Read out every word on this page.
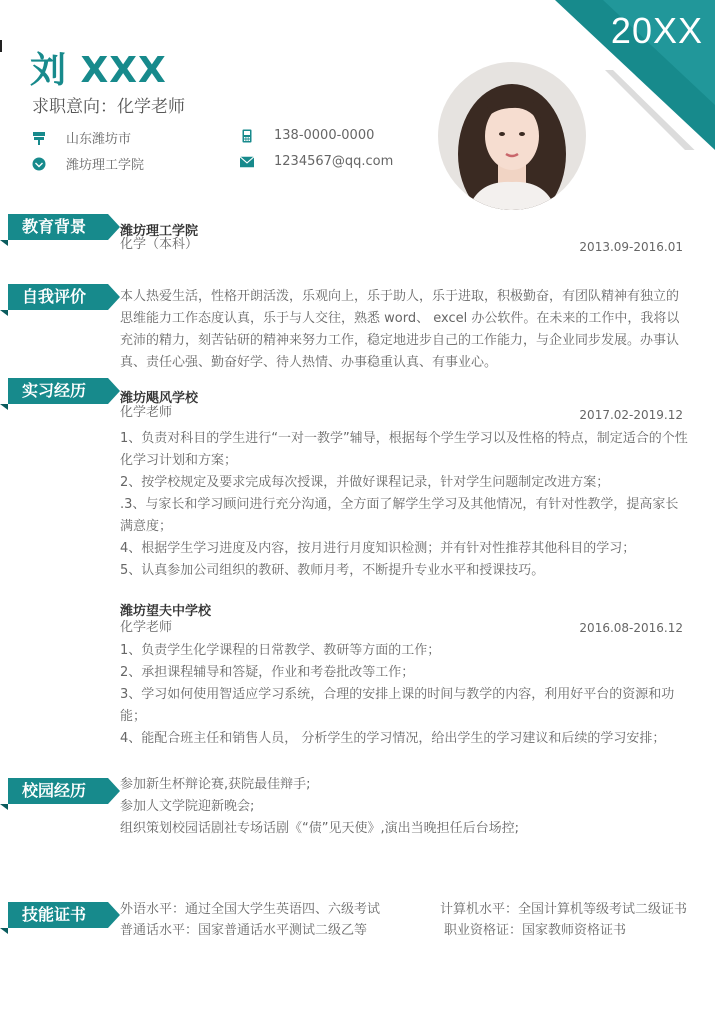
20XX
刘 XXX
求职意向：化学老师
山东潍坊市
潍坊理工学院
138-0000-0000
1234567@qq.com
教育背景	潍坊理工学院
化学（本科）	2013.09-2016.01
自我评价	本人热爱生活，性格开朗活泼，乐观向上，乐于助人，乐于进取，积极勤奋，有团队精神有独立的思维能力工作态度认真，乐于与人交往，熟悉 word、 excel 办公软件。在未来的工作中，我将以充沛的精力，刻苦钻研的精神来努力工作，稳定地进步自己的工作能力，与企业同步发展。办事认真、责任心强、勤奋好学、待人热情、办事稳重认真、有事业心。
实习经历	潍坊飓风学校
化学老师	2017.02-2019.12
1、负责对科目的学生进行“一对一教学”辅导，根据每个学生学习以及性格的特点，制定适合的个性化学习计划和方案；
2、按学校规定及要求完成每次授课，并做好课程记录，针对学生问题制定改进方案；
.3、与家长和学习顾问进行充分沟通，全方面了解学生学习及其他情况，有针对性教学，提高家长满意度；
4、根据学生学习进度及内容，按月进行月度知识检测；并有针对性推荐其他科目的学习；
5、认真参加公司组织的教研、教师月考，不断提升专业水平和授课技巧。
潍坊望夫中学校
化学老师	2016.08-2016.12
1、负责学生化学课程的日常教学、教研等方面的工作；
2、承担课程辅导和答疑，作业和考卷批改等工作；
3、学习如何使用智适应学习系统，合理的安排上课的时间与教学的内容，利用好平台的资源和功能；
4、能配合班主任和销售人员， 分析学生的学习情况，给出学生的学习建议和后续的学习安排；
校园经历	参加新生杯辩论赛,获院最佳辩手;
参加人文学院迎新晚会;
组织策划校园话剧社专场话剧《“债”见天使》,演出当晚担任后台场控;
技能证书	外语水平：通过全国大学生英语四、六级考试	计算机水平：全国计算机等级考试二级证书
普通话水平：国家普通话水平测试二级乙等	职业资格证：国家教师资格证书
